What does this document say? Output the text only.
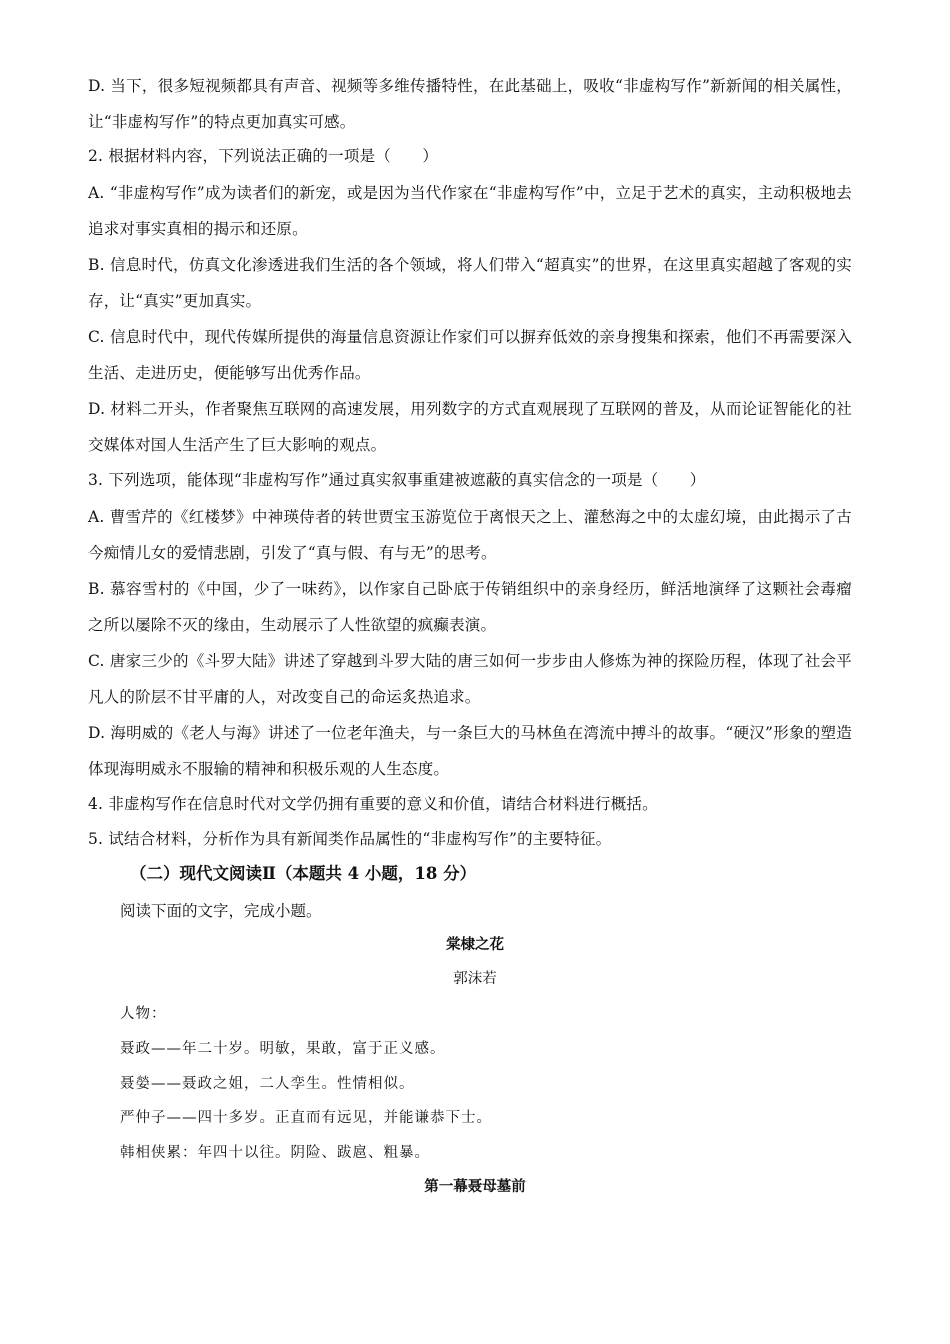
D. 当下，很多短视频都具有声音、视频等多维传播特性，在此基础上，吸收“非虚构写作”新新闻的相关属性，让“非虚构写作”的特点更加真实可感。
2. 根据材料内容，下列说法正确的一项是（　　）
A. “非虚构写作”成为读者们的新宠，或是因为当代作家在“非虚构写作”中，立足于艺术的真实，主动积极地去追求对事实真相的揭示和还原。
B. 信息时代，仿真文化渗透进我们生活的各个领域，将人们带入“超真实”的世界，在这里真实超越了客观的实存，让“真实”更加真实。
C. 信息时代中，现代传媒所提供的海量信息资源让作家们可以摒弃低效的亲身搜集和探索，他们不再需要深入生活、走进历史，便能够写出优秀作品。
D. 材料二开头，作者聚焦互联网的高速发展，用列数字的方式直观展现了互联网的普及，从而论证智能化的社交媒体对国人生活产生了巨大影响的观点。
3. 下列选项，能体现“非虚构写作”通过真实叙事重建被遮蔽的真实信念的一项是（　　）
A. 曹雪芹的《红楼梦》中神瑛侍者的转世贾宝玉游览位于离恨天之上、灌愁海之中的太虚幻境，由此揭示了古今痴情儿女的爱情悲剧，引发了“真与假、有与无”的思考。
B. 慕容雪村的《中国，少了一味药》，以作家自己卧底于传销组织中的亲身经历，鲜活地演绎了这颗社会毒瘤之所以屡除不灭的缘由，生动展示了人性欲望的疯癫表演。
C. 唐家三少的《斗罗大陆》讲述了穿越到斗罗大陆的唐三如何一步步由人修炼为神的探险历程，体现了社会平凡人的阶层不甘平庸的人，对改变自己的命运炙热追求。
D. 海明威的《老人与海》讲述了一位老年渔夫，与一条巨大的马林鱼在湾流中搏斗的故事。“硬汉”形象的塑造体现海明威永不服输的精神和积极乐观的人生态度。
4. 非虚构写作在信息时代对文学仍拥有重要的意义和价值，请结合材料进行概括。
5. 试结合材料，分析作为具有新闻类作品属性的“非虚构写作”的主要特征。
（二）现代文阅读Ⅱ（本题共 4 小题，18 分）
阅读下面的文字，完成小题。
棠棣之花
郭沫若
人物：
聂政——年二十岁。明敏，果敢，富于正义感。
聂嫈——聂政之姐，二人孪生。性情相似。
严仲子——四十多岁。正直而有远见，并能谦恭下士。
韩相侠累：年四十以往。阴险、跋扈、粗暴。
第一幕聂母墓前
